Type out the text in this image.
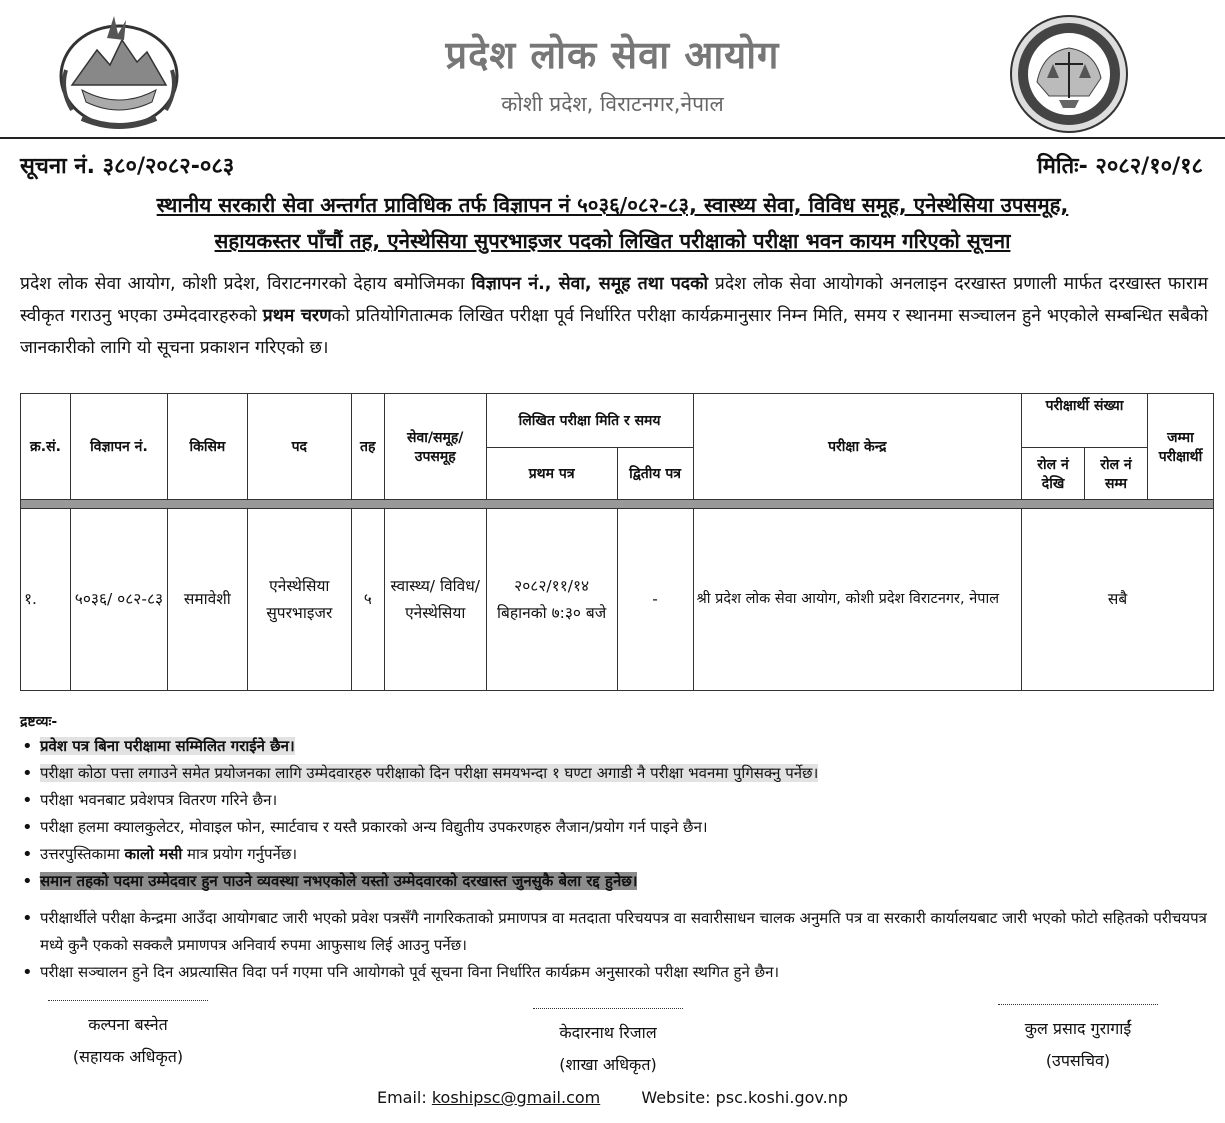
प्रदेश लोक सेवा आयोग
कोशी प्रदेश, विराटनगर,नेपाल
सूचना नं. ३८०/२०८२-०८३	मितिः- २०८२/१०/१८
स्थानीय सरकारी सेवा अन्तर्गत प्राविधिक तर्फ विज्ञापन नं ५०३६/०८२-८३, स्वास्थ्य सेवा, विविध समूह, एनेस्थेसिया उपसमूह,
सहायकस्तर पाँचौं तह, एनेस्थेसिया सुपरभाइजर पदको लिखित परीक्षाको परीक्षा भवन कायम गरिएको सूचना
प्रदेश लोक सेवा आयोग, कोशी प्रदेश, विराटनगरको देहाय बमोजिमका विज्ञापन नं., सेवा, समूह तथा पदको प्रदेश लोक सेवा आयोगको अनलाइन दरखास्त प्रणाली मार्फत दरखास्त फाराम स्वीकृत गराउनु भएका उम्मेदवारहरुको प्रथम चरणको प्रतियोगितात्मक लिखित परीक्षा पूर्व निर्धारित परीक्षा कार्यक्रमानुसार निम्न मिति, समय र स्थानमा सञ्चालन हुने भएकोले सम्बन्धित सबैको जानकारीको लागि यो सूचना प्रकाशन गरिएको छ।
क्र.सं.	विज्ञापन नं.	किसिम	पद	तह	सेवा/समूह/ उपसमूह	लिखित परीक्षा मिति र समय		परीक्षा केन्द्र	परीक्षार्थी संख्या		जम्मा परीक्षार्थी
						प्रथम पत्र	द्वितीय पत्र		रोल नं देखि	रोल नं सम्म	

१.	५०३६/ ०८२-८३	समावेशी	एनेस्थेसिया सुपरभाइजर	५	स्वास्थ्य/ विविध/ एनेस्थेसिया	२०८२/११/१४ बिहानको ७:३० बजे	-	श्री प्रदेश लोक सेवा आयोग, कोशी प्रदेश विराटनगर, नेपाल	सबै		
द्रष्टव्यः-
• प्रवेश पत्र बिना परीक्षामा सम्मिलित गराईने छैन।
• परीक्षा कोठा पत्ता लगाउने समेत प्रयोजनका लागि उम्मेदवारहरु परीक्षाको दिन परीक्षा समयभन्दा १ घण्टा अगाडी नै परीक्षा भवनमा पुगिसक्नु पर्नेछ।
• परीक्षा भवनबाट प्रवेशपत्र वितरण गरिने छैन।
• परीक्षा हलमा क्यालकुलेटर, मोवाइल फोन, स्मार्टवाच र यस्तै प्रकारको अन्य विद्युतीय उपकरणहरु लैजान/प्रयोग गर्न पाइने छैन।
• उत्तरपुस्तिकामा कालो मसी मात्र प्रयोग गर्नुपर्नेछ।
• समान तहको पदमा उम्मेदवार हुन पाउने व्यवस्था नभएकोले यस्तो उम्मेदवारको दरखास्त जुनसुकै बेला रद्द हुनेछ।
• परीक्षार्थीले परीक्षा केन्द्रमा आउँदा आयोगबाट जारी भएको प्रवेश पत्रसँगै नागरिकताको प्रमाणपत्र वा मतदाता परिचयपत्र वा सवारीसाधन चालक अनुमति पत्र वा सरकारी कार्यालयबाट जारी भएको फोटो सहितको परीचयपत्र मध्ये कुनै एकको सक्कलै प्रमाणपत्र अनिवार्य रुपमा आफुसाथ लिई आउनु पर्नेछ।
• परीक्षा सञ्चालन हुने दिन अप्रत्यासित विदा पर्न गएमा पनि आयोगको पूर्व सूचना विना निर्धारित कार्यक्रम अनुसारको परीक्षा स्थगित हुने छैन।
कल्पना बस्नेत
(सहायक अधिकृत)
केदारनाथ रिजाल
(शाखा अधिकृत)
कुल प्रसाद गुरागाईं
(उपसचिव)
Email: koshipsc@gmail.com	Website: psc.koshi.gov.np
